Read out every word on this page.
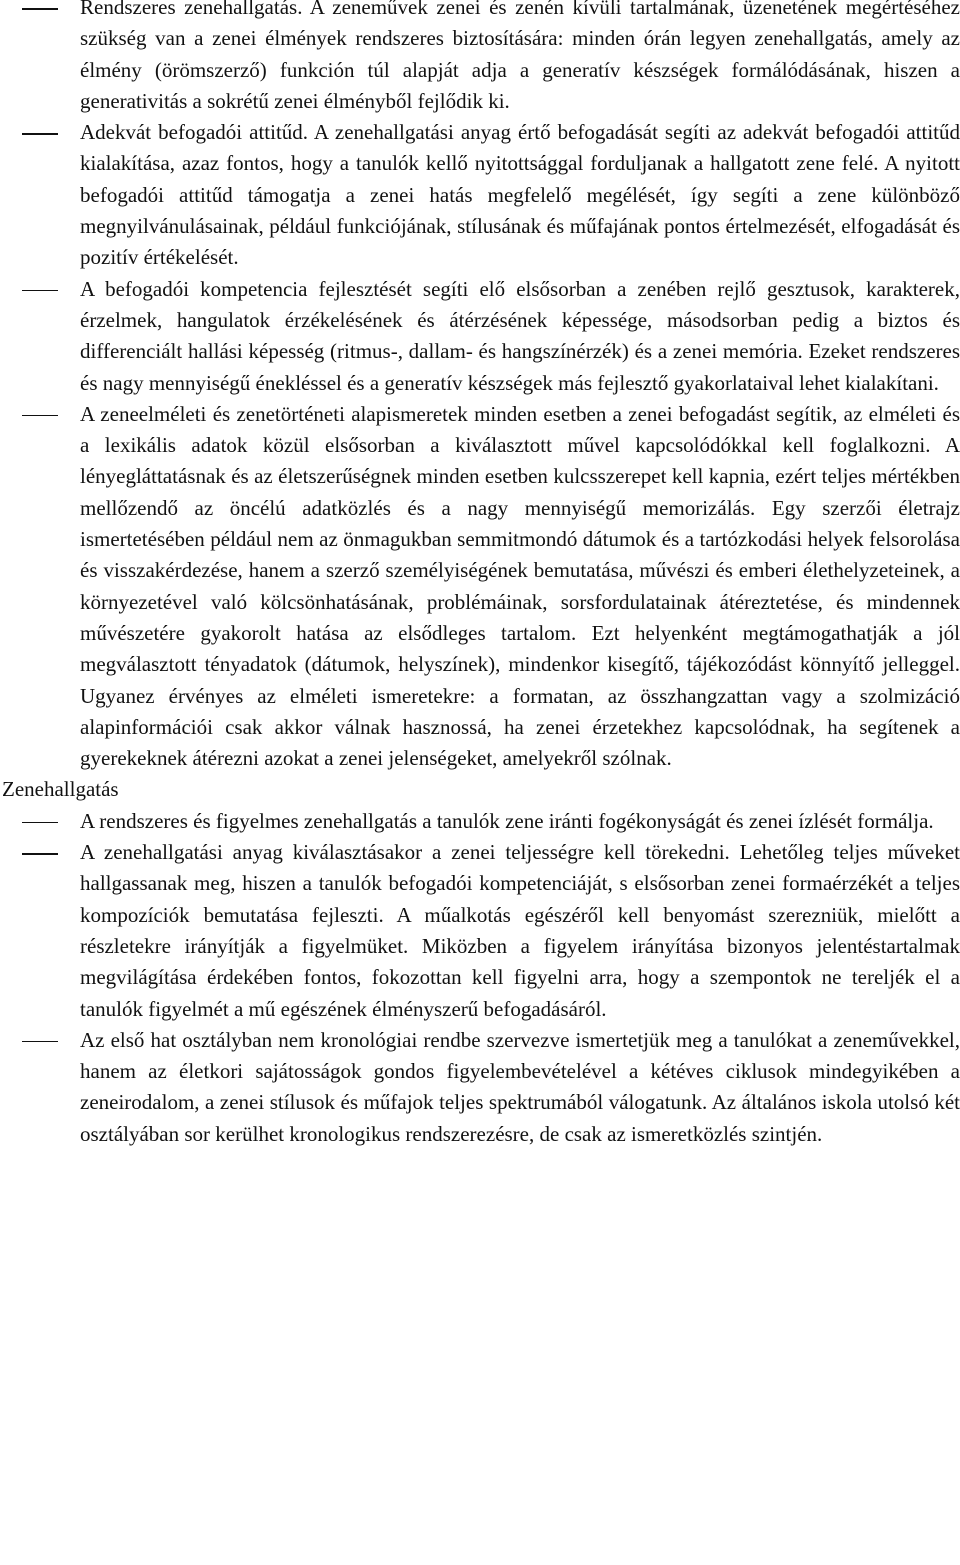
Rendszeres zenehallgatás. A zeneművek zenei és zenén kívüli tartalmának, üzenetének megértéséhez szükség van a zenei élmények rendszeres biztosítására: minden órán legyen zenehallgatás, amely az élmény (örömszerző) funkción túl alapját adja a generatív készségek formálódásának, hiszen a generativitás a sokrétű zenei élményből fejlődik ki.
Adekvát befogadói attitűd. A zenehallgatási anyag értő befogadását segíti az adekvát befogadói attitűd kialakítása, azaz fontos, hogy a tanulók kellő nyitottsággal forduljanak a hallgatott zene felé. A nyitott befogadói attitűd támogatja a zenei hatás megfelelő megélését, így segíti a zene különböző megnyilvánulásainak, például funkciójának, stílusának és műfajának pontos értelmezését, elfogadását és pozitív értékelését.
A befogadói kompetencia fejlesztését segíti elő elsősorban a zenében rejlő gesztusok, karakterek, érzelmek, hangulatok érzékelésének és átérzésének képessége, másodsorban pedig a biztos és differenciált hallási képesség (ritmus-, dallam- és hangszínérzék) és a zenei memória. Ezeket rendszeres és nagy mennyiségű énekléssel és a generatív készségek más fejlesztő gyakorlataival lehet kialakítani.
A zeneelméleti és zenetörténeti alapismeretek minden esetben a zenei befogadást segítik, az elméleti és a lexikális adatok közül elsősorban a kiválasztott művel kapcsolódókkal kell foglalkozni. A lényegláttatásnak és az életszerűségnek minden esetben kulcsszerepet kell kapnia, ezért teljes mértékben mellőzendő az öncélú adatközlés és a nagy mennyiségű memorizálás. Egy szerzői életrajz ismertetésében például nem az önmagukban semmitmondó dátumok és a tartózkodási helyek felsorolása és visszakérdezése, hanem a szerző személyiségének bemutatása, művészi és emberi élethelyzeteinek, a környezetével való kölcsönhatásának, problémáinak, sorsfordulatainak átéreztetése, és mindennek művészetére gyakorolt hatása az elsődleges tartalom. Ezt helyenként megtámogathatják a jól megválasztott tényadatok (dátumok, helyszínek), mindenkor kisegítő, tájékozódást könnyítő jelleggel. Ugyanez érvényes az elméleti ismeretekre: a formatan, az összhangzattan vagy a szolmizáció alapinformációi csak akkor válnak hasznossá, ha zenei érzetekhez kapcsolódnak, ha segítenek a gyerekeknek átérezni azokat a zenei jelenségeket, amelyekről szólnak.
Zenehallgatás
A rendszeres és figyelmes zenehallgatás a tanulók zene iránti fogékonyságát és zenei ízlését formálja.
A zenehallgatási anyag kiválasztásakor a zenei teljességre kell törekedni. Lehetőleg teljes műveket hallgassanak meg, hiszen a tanulók befogadói kompetenciáját, s elsősorban zenei formaérzékét a teljes kompozíciók bemutatása fejleszti. A műalkotás egészéről kell benyomást szerezniük, mielőtt a részletekre irányítják a figyelmüket. Miközben a figyelem irányítása bizonyos jelentéstartalmak megvilágítása érdekében fontos, fokozottan kell figyelni arra, hogy a szempontok ne tereljék el a tanulók figyelmét a mű egészének élményszerű befogadásáról.
Az első hat osztályban nem kronológiai rendbe szervezve ismertetjük meg a tanulókat a zeneművekkel, hanem az életkori sajátosságok gondos figyelembevételével a kétéves ciklusok mindegyikében a zeneirodalom, a zenei stílusok és műfajok teljes spektrumából válogatunk. Az általános iskola utolsó két osztályában sor kerülhet kronologikus rendszerezésre, de csak az ismeretközlés szintjén.
